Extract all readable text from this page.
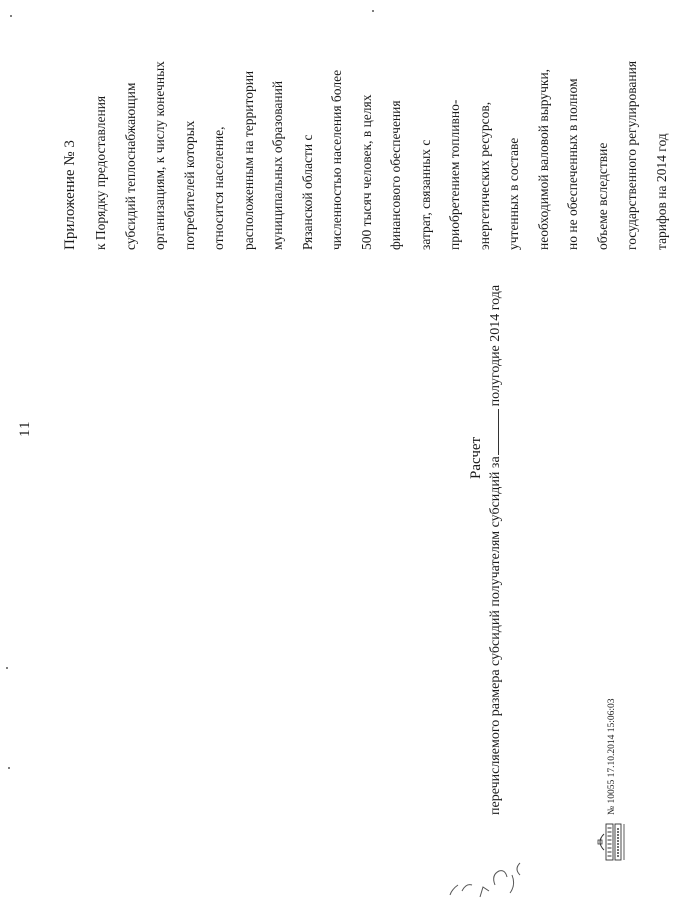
11
Приложение № 3	к Порядку предоставления	субсидий теплоснабжающим	организациям, к числу конечных	потребителей которых	относится население,	расположенным на территории	муниципальных образований	Рязанской области с	численностью населения более	500 тысяч человек, в целях	финансового обеспечения	затрат, связанных с	приобретением топливно-	энергетических ресурсов,	учтенных в составе	необходимой валовой выручки,	но не обеспеченных в полном	объеме вследствие	государственного регулирования	тарифов на 2014 год
Расчет перечисляемого размера субсидий получателям субсидий заполугодие 2014 года
№ 10055 17.10.2014 15:06:03
